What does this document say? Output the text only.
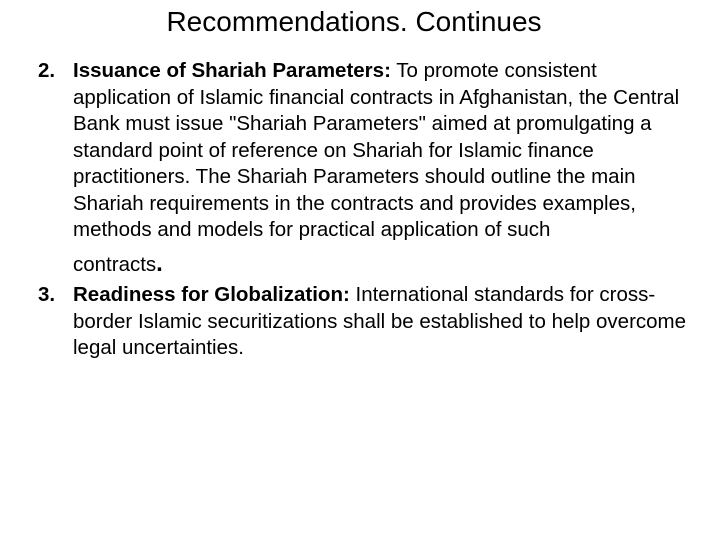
Recommendations. Continues
2. Issuance of Shariah Parameters: To promote consistent application of Islamic financial contracts in Afghanistan, the Central Bank must issue "Shariah Parameters" aimed at promulgating a standard point of reference on Shariah for Islamic finance practitioners. The Shariah Parameters should outline the main Shariah requirements in the contracts and provides examples, methods and models for practical application of such
contracts.
3. Readiness for Globalization: International standards for cross-border Islamic securitizations shall be established to help overcome legal uncertainties.
